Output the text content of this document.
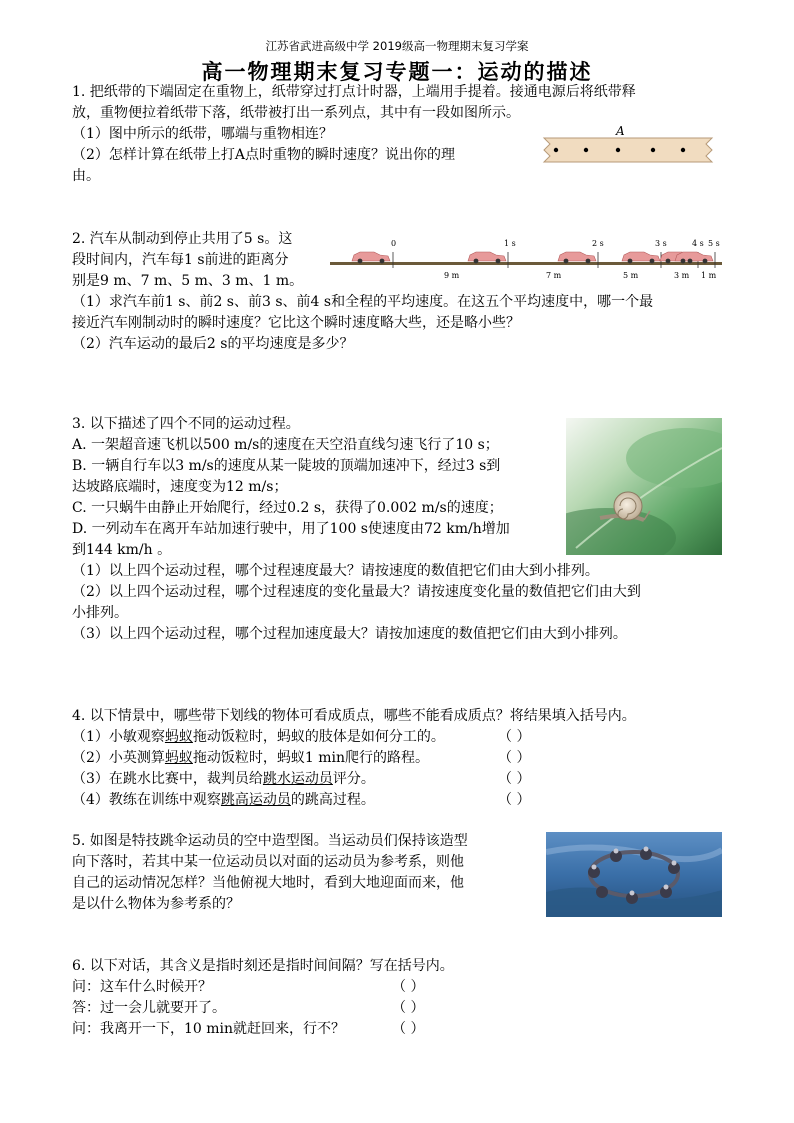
江苏省武进高级中学 2019级高一物理期末复习学案
高一物理期末复习专题一：运动的描述
1. 把纸带的下端固定在重物上，纸带穿过打点计时器，上端用手提着。接通电源后将纸带释
放，重物便拉着纸带下落，纸带被打出一系列点，其中有一段如图所示。
（1）图中所示的纸带，哪端与重物相连？
（2）怎样计算在纸带上打A点时重物的瞬时速度？说出你的理
由。
A
2. 汽车从制动到停止共用了5 s。这
段时间内，汽车每1 s前进的距离分
别是9 m、7 m、5 m、3 m、1 m。
（1）求汽车前1 s、前2 s、前3 s、前4 s和全程的平均速度。在这五个平均速度中，哪一个最
接近汽车刚制动时的瞬时速度？它比这个瞬时速度略大些，还是略小些？
（2）汽车运动的最后2 s的平均速度是多少？
0	1 s	2 s	3 s	4 s 5 s
9 m	7 m	5 m	3 m 1 m
3. 以下描述了四个不同的运动过程。
A. 一架超音速飞机以500 m/s的速度在天空沿直线匀速飞行了10 s；
B. 一辆自行车以3 m/s的速度从某一陡坡的顶端加速冲下，经过3 s到
达坡路底端时，速度变为12 m/s；
C. 一只蜗牛由静止开始爬行，经过0.2 s，获得了0.002 m/s的速度；
D. 一列动车在离开车站加速行驶中，用了100 s使速度由72 km/h增加
到144 km/h 。
（1）以上四个运动过程，哪个过程速度最大？请按速度的数值把它们由大到小排列。
（2）以上四个运动过程，哪个过程速度的变化量最大？请按速度变化量的数值把它们由大到
小排列。
（3）以上四个运动过程，哪个过程加速度最大？请按加速度的数值把它们由大到小排列。
4. 以下情景中，哪些带下划线的物体可看成质点，哪些不能看成质点？将结果填入括号内。
（1）小敏观察蚂蚁拖动饭粒时，蚂蚁的肢体是如何分工的。	（ ）
（2）小英测算蚂蚁拖动饭粒时，蚂蚁1 min爬行的路程。	（ ）
（3）在跳水比赛中，裁判员给跳水运动员评分。	（ ）
（4）教练在训练中观察跳高运动员的跳高过程。	（ ）
5. 如图是特技跳伞运动员的空中造型图。当运动员们保持该造型
向下落时，若其中某一位运动员以对面的运动员为参考系，则他
自己的运动情况怎样？当他俯视大地时，看到大地迎面而来，他
是以什么物体为参考系的？
6. 以下对话，其含义是指时刻还是指时间间隔？写在括号内。
问：这车什么时候开？	（ ）
答：过一会儿就要开了。	（ ）
问：我离开一下，10 min就赶回来，行不？	（ ）
